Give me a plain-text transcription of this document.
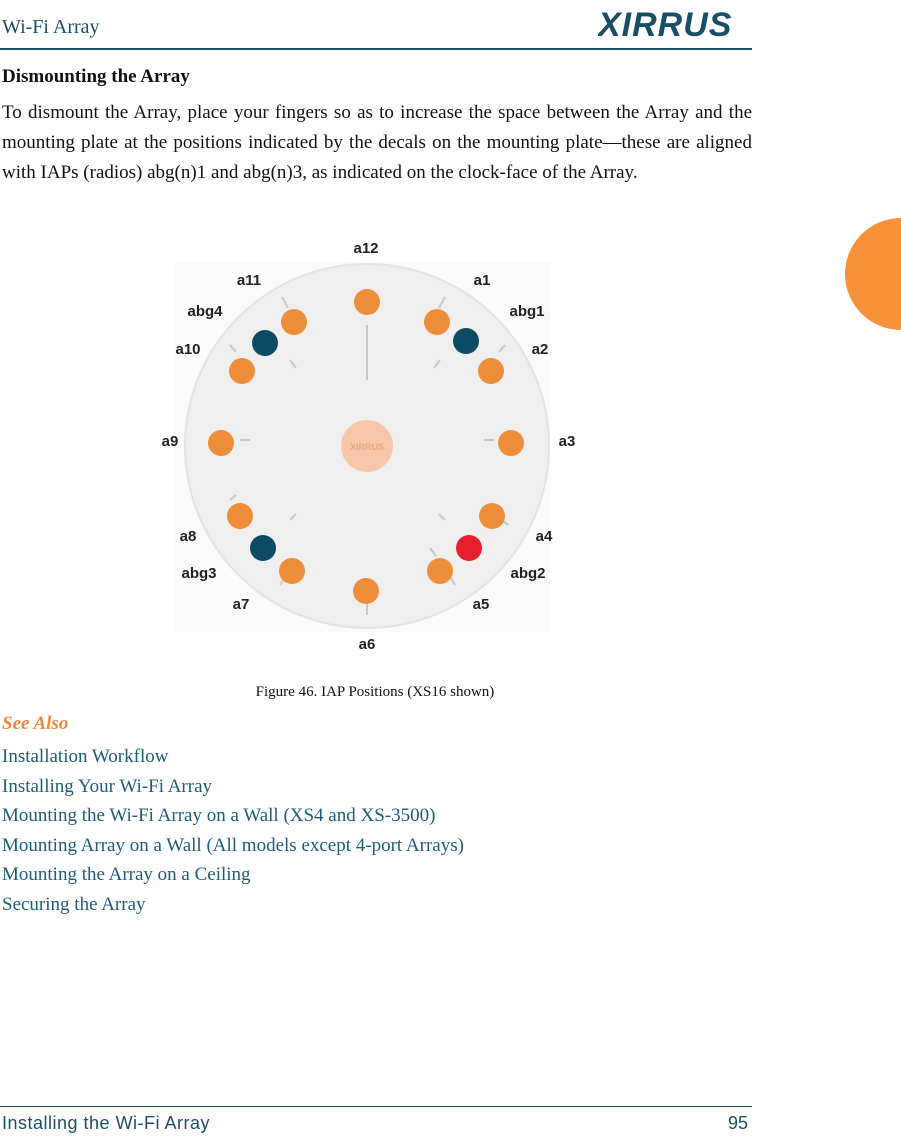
Wi-Fi Array	XIRRUS
Dismounting the Array

To dismount the Array, place your fingers so as to increase the space between the Array and the mounting plate at the positions indicated by the decals on the mounting plate—these are aligned with IAPs (radios) abg(n)1 and abg(n)3, as indicated on the clock-face of the Array.

XIRRUS
a12
a11	a1
abg4	abg1
a10	a2
a9	a3
a8	a4
abg3	abg2
a7	a5
a6
Figure 46. IAP Positions (XS16 shown)
See Also
Installation Workflow
Installing Your Wi-Fi Array
Mounting the Wi-Fi Array on a Wall (XS4 and XS-3500)
Mounting Array on a Wall (All models except 4-port Arrays)
Mounting the Array on a Ceiling
Securing the Array
Installing the Wi-Fi Array	95
